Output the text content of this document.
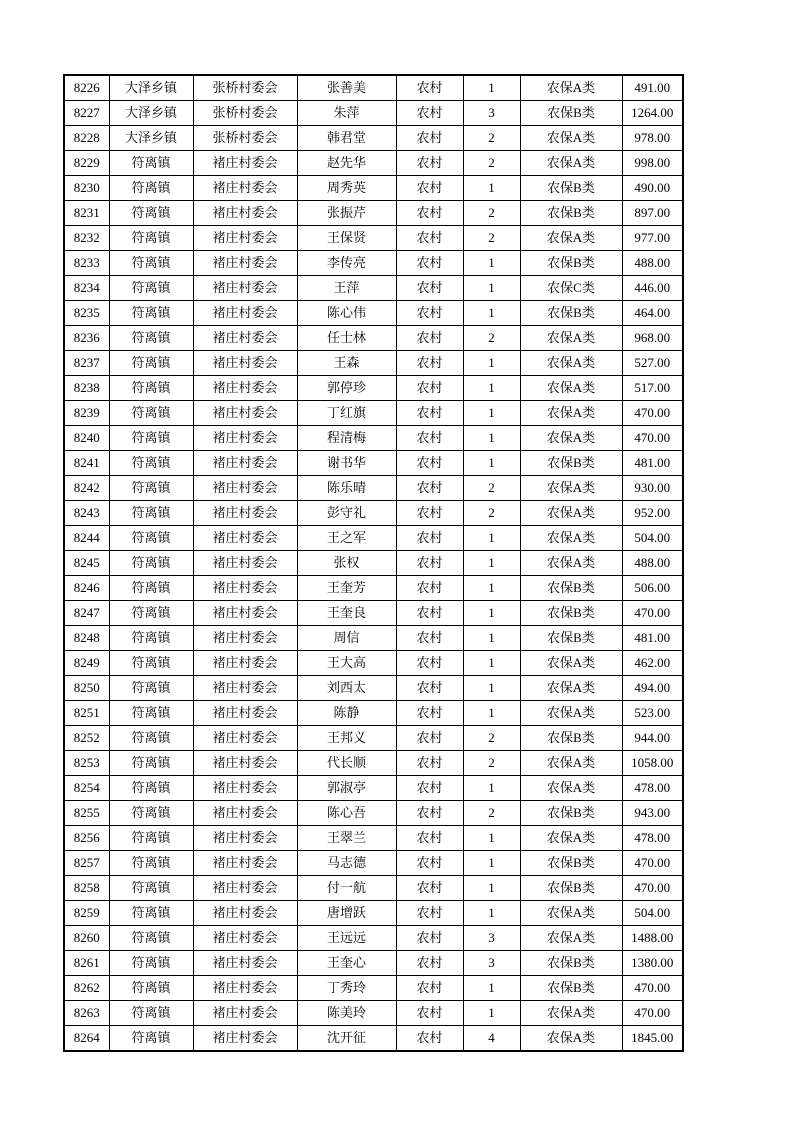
8226	大泽乡镇	张桥村委会	张善美	农村	1	农保A类	491.00
8227	大泽乡镇	张桥村委会	朱萍	农村	3	农保B类	1264.00
8228	大泽乡镇	张桥村委会	韩君堂	农村	2	农保A类	978.00
8229	符离镇	褚庄村委会	赵先华	农村	2	农保A类	998.00
8230	符离镇	褚庄村委会	周秀英	农村	1	农保B类	490.00
8231	符离镇	褚庄村委会	张振芹	农村	2	农保B类	897.00
8232	符离镇	褚庄村委会	王保贤	农村	2	农保A类	977.00
8233	符离镇	褚庄村委会	李传亮	农村	1	农保B类	488.00
8234	符离镇	褚庄村委会	王萍	农村	1	农保C类	446.00
8235	符离镇	褚庄村委会	陈心伟	农村	1	农保B类	464.00
8236	符离镇	褚庄村委会	任士林	农村	2	农保A类	968.00
8237	符离镇	褚庄村委会	王森	农村	1	农保A类	527.00
8238	符离镇	褚庄村委会	郭停珍	农村	1	农保A类	517.00
8239	符离镇	褚庄村委会	丁红旗	农村	1	农保A类	470.00
8240	符离镇	褚庄村委会	程清梅	农村	1	农保A类	470.00
8241	符离镇	褚庄村委会	谢书华	农村	1	农保B类	481.00
8242	符离镇	褚庄村委会	陈乐晴	农村	2	农保A类	930.00
8243	符离镇	褚庄村委会	彭守礼	农村	2	农保A类	952.00
8244	符离镇	褚庄村委会	王之军	农村	1	农保A类	504.00
8245	符离镇	褚庄村委会	张权	农村	1	农保A类	488.00
8246	符离镇	褚庄村委会	王奎芳	农村	1	农保B类	506.00
8247	符离镇	褚庄村委会	王奎良	农村	1	农保B类	470.00
8248	符离镇	褚庄村委会	周信	农村	1	农保B类	481.00
8249	符离镇	褚庄村委会	王大高	农村	1	农保A类	462.00
8250	符离镇	褚庄村委会	刘西太	农村	1	农保A类	494.00
8251	符离镇	褚庄村委会	陈静	农村	1	农保A类	523.00
8252	符离镇	褚庄村委会	王邦义	农村	2	农保B类	944.00
8253	符离镇	褚庄村委会	代长顺	农村	2	农保A类	1058.00
8254	符离镇	褚庄村委会	郭淑亭	农村	1	农保A类	478.00
8255	符离镇	褚庄村委会	陈心吾	农村	2	农保B类	943.00
8256	符离镇	褚庄村委会	王翠兰	农村	1	农保A类	478.00
8257	符离镇	褚庄村委会	马志德	农村	1	农保B类	470.00
8258	符离镇	褚庄村委会	付一航	农村	1	农保B类	470.00
8259	符离镇	褚庄村委会	唐增跃	农村	1	农保A类	504.00
8260	符离镇	褚庄村委会	王远远	农村	3	农保A类	1488.00
8261	符离镇	褚庄村委会	王奎心	农村	3	农保B类	1380.00
8262	符离镇	褚庄村委会	丁秀玲	农村	1	农保B类	470.00
8263	符离镇	褚庄村委会	陈美玲	农村	1	农保A类	470.00
8264	符离镇	褚庄村委会	沈开征	农村	4	农保A类	1845.00
